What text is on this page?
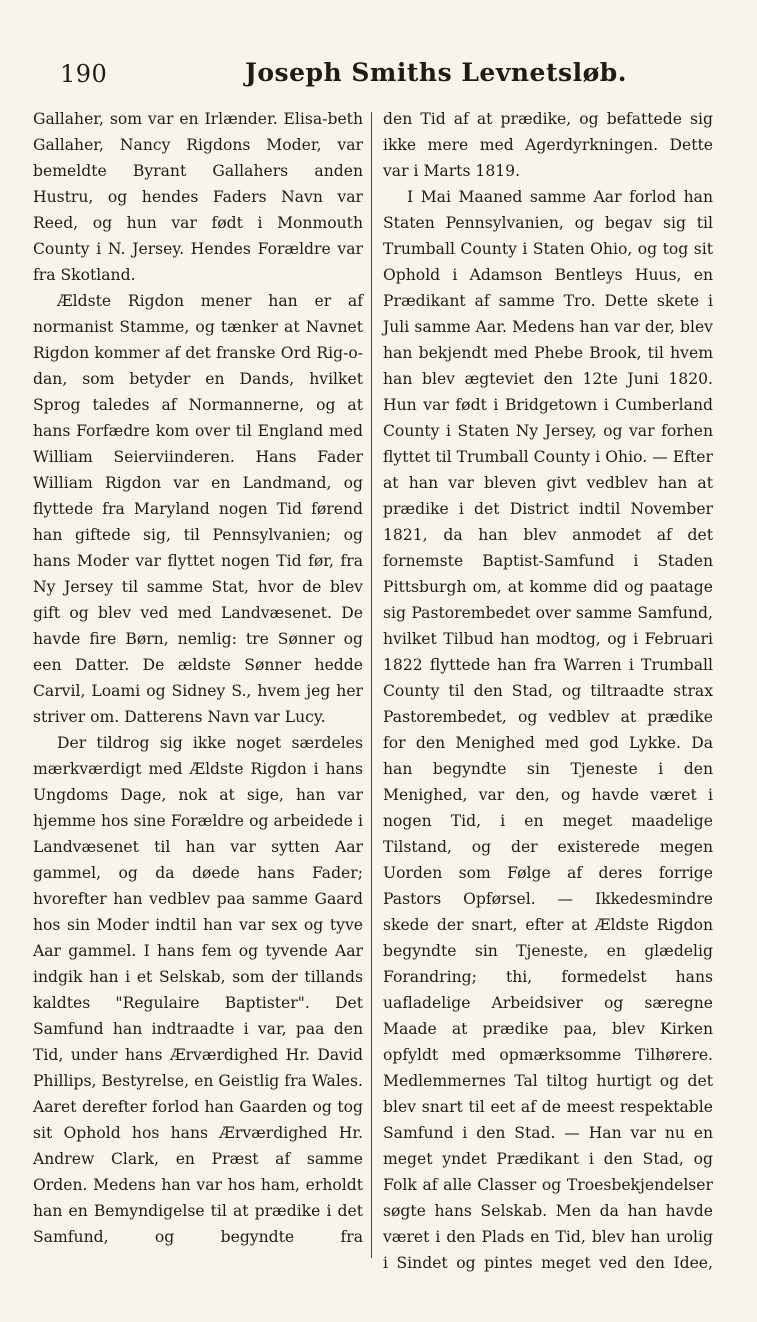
190	Joseph Smiths Levnetsløb.

Gallaher, som var en Irlænder. Elisa-beth Gallaher, Nancy Rigdons Moder, var bemeldte Byrant Gallahers anden Hustru, og hendes Faders Navn var Reed, og hun var født i Monmouth County i N. Jersey. Hendes Forældre var fra Skotland.

Ældste Rigdon mener han er af normanist Stamme, og tænker at Navnet Rigdon kommer af det franske Ord Rig-o-dan, som betyder en Dands, hvilket Sprog taledes af Normannerne, og at hans Forfædre kom over til England med William Seierviinderen. Hans Fader William Rigdon var en Landmand, og flyttede fra Maryland nogen Tid førend han giftede sig, til Pennsylvanien; og hans Moder var flyttet nogen Tid før, fra Ny Jersey til samme Stat, hvor de blev gift og blev ved med Landvæsenet. De havde fire Børn, nemlig: tre Sønner og een Datter. De ældste Sønner hedde Carvil, Loami og Sidney S., hvem jeg her striver om. Datterens Navn var Lucy.

Der tildrog sig ikke noget særdeles mærkværdigt med Ældste Rigdon i hans Ungdoms Dage, nok at sige, han var hjemme hos sine Forældre og arbeidede i Landvæsenet til han var sytten Aar gammel, og da døede hans Fader; hvorefter han vedblev paa samme Gaard hos sin Moder indtil han var sex og tyve Aar gammel. I hans fem og tyvende Aar indgik han i et Selskab, som der tillands kaldtes "Regulaire Baptister". Det Samfund han indtraadte i var, paa den Tid, under hans Ærværdighed Hr. David Phillips, Bestyrelse, en Geistlig fra Wales. Aaret derefter forlod han Gaarden og tog sit Ophold hos hans Ærværdighed Hr. Andrew Clark, en Præst af samme Orden. Medens han var hos ham, erholdt han en Bemyndigelse til at prædike i det Samfund, og begyndte fra

den Tid af at prædike, og befattede sig ikke mere med Agerdyrkningen. Dette var i Marts 1819.

I Mai Maaned samme Aar forlod han Staten Pennsylvanien, og begav sig til Trumball County i Staten Ohio, og tog sit Ophold i Adamson Bentleys Huus, en Prædikant af samme Tro. Dette skete i Juli samme Aar. Medens han var der, blev han bekjendt med Phebe Brook, til hvem han blev ægteviet den 12te Juni 1820. Hun var født i Bridgetown i Cumberland County i Staten Ny Jersey, og var forhen flyttet til Trumball County i Ohio. — Efter at han var bleven givt vedblev han at prædike i det District indtil November 1821, da han blev anmodet af det fornemste Baptist-Samfund i Staden Pittsburgh om, at komme did og paatage sig Pastorembedet over samme Samfund, hvilket Tilbud han modtog, og i Februari 1822 flyttede han fra Warren i Trumball County til den Stad, og tiltraadte strax Pastorembedet, og vedblev at prædike for den Menighed med god Lykke. Da han begyndte sin Tjeneste i den Menighed, var den, og havde været i nogen Tid, i en meget maadelige Tilstand, og der existerede megen Uorden som Følge af deres forrige Pastors Opførsel. — Ikkedesmindre skede der snart, efter at Ældste Rigdon begyndte sin Tjeneste, en glædelig Forandring; thi, formedelst hans uafladelige Arbeidsiver og særegne Maade at prædike paa, blev Kirken opfyldt med opmærksomme Tilhørere. Medlemmernes Tal tiltog hurtigt og det blev snart til eet af de meest respektable Samfund i den Stad. — Han var nu en meget yndet Prædikant i den Stad, og Folk af alle Classer og Troesbekjendelser søgte hans Selskab. Men da han havde været i den Plads en Tid, blev han urolig i Sindet og pintes meget ved den Idee,
